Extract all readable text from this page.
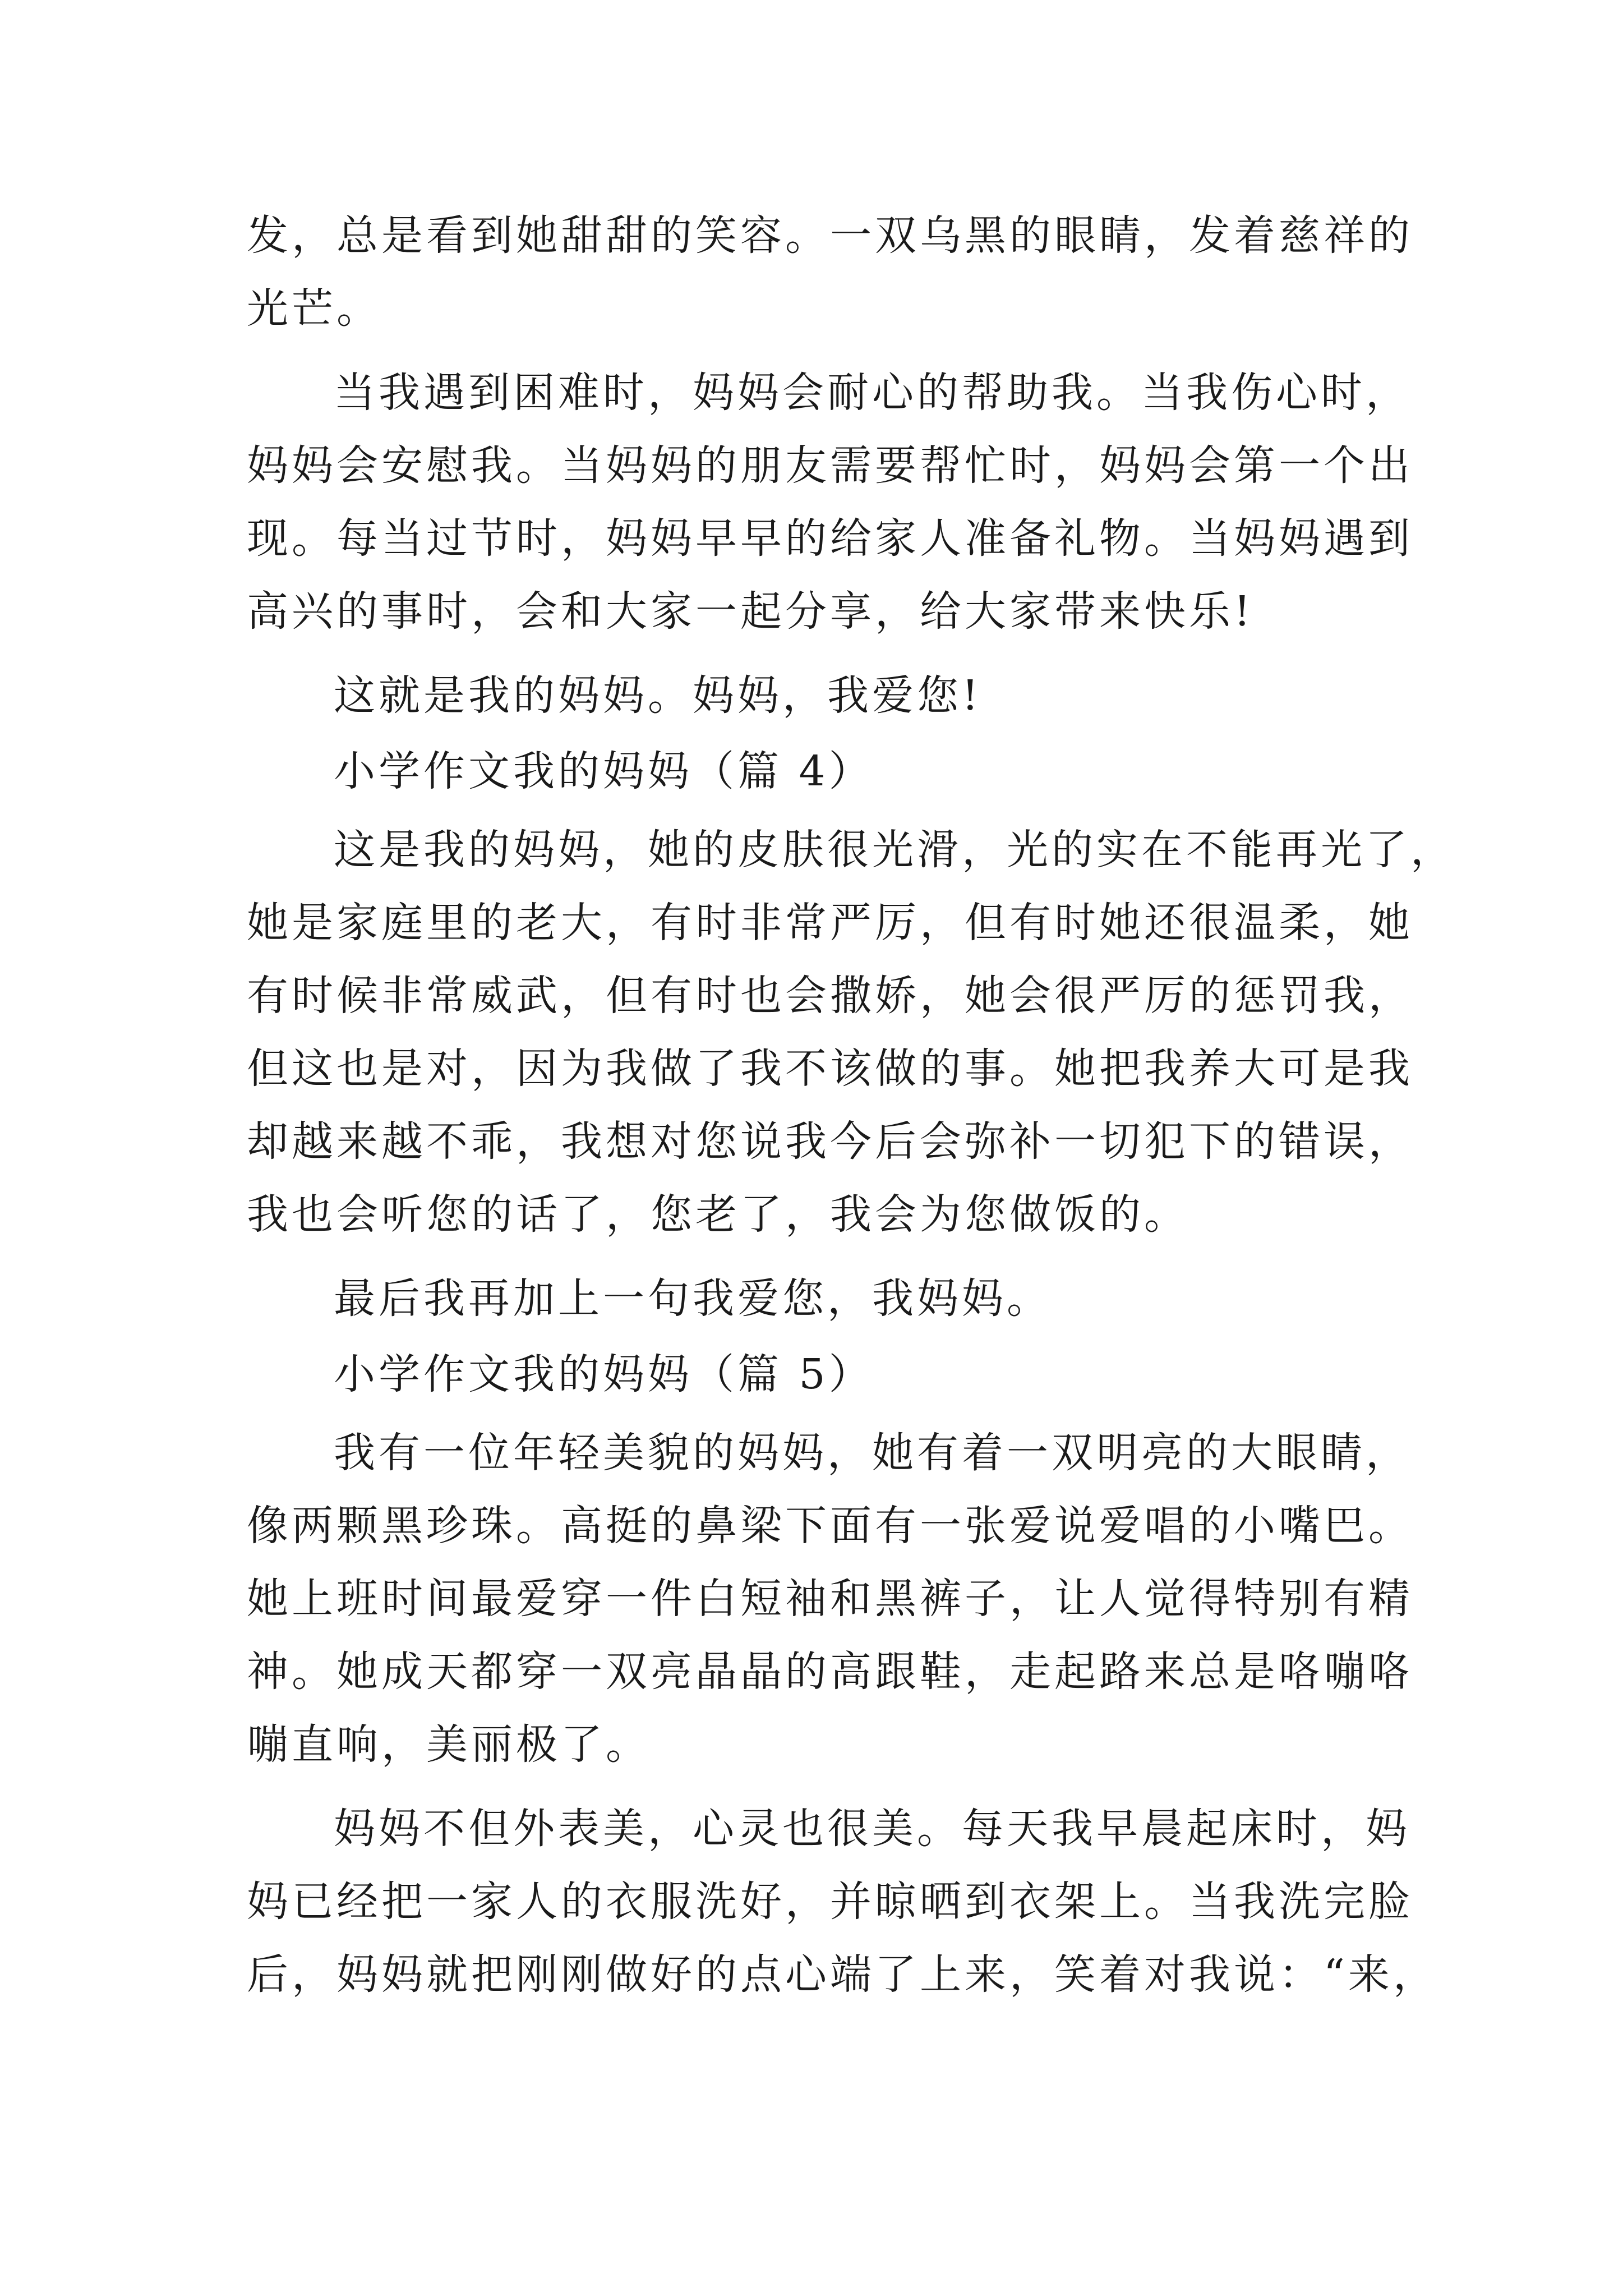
发，总是看到她甜甜的笑容。一双乌黑的眼睛，发着慈祥的
光芒。
当我遇到困难时，妈妈会耐心的帮助我。当我伤心时，
妈妈会安慰我。当妈妈的朋友需要帮忙时，妈妈会第一个出
现。每当过节时，妈妈早早的给家人准备礼物。当妈妈遇到
高兴的事时，会和大家一起分享，给大家带来快乐!
这就是我的妈妈。妈妈，我爱您!
小学作文我的妈妈（篇 4）
这是我的妈妈，她的皮肤很光滑，光的实在不能再光了，
她是家庭里的老大，有时非常严厉，但有时她还很温柔，她
有时候非常威武，但有时也会撒娇，她会很严厉的惩罚我，
但这也是对，因为我做了我不该做的事。她把我养大可是我
却越来越不乖，我想对您说我今后会弥补一切犯下的错误，
我也会听您的话了，您老了，我会为您做饭的。
最后我再加上一句我爱您，我妈妈。
小学作文我的妈妈（篇 5）
我有一位年轻美貌的妈妈，她有着一双明亮的大眼睛，
像两颗黑珍珠。高挺的鼻梁下面有一张爱说爱唱的小嘴巴。
她上班时间最爱穿一件白短袖和黑裤子，让人觉得特别有精
神。她成天都穿一双亮晶晶的高跟鞋，走起路来总是咯嘣咯
嘣直响，美丽极了。
妈妈不但外表美，心灵也很美。每天我早晨起床时，妈
妈已经把一家人的衣服洗好，并晾晒到衣架上。当我洗完脸
后，妈妈就把刚刚做好的点心端了上来，笑着对我说：“来，
